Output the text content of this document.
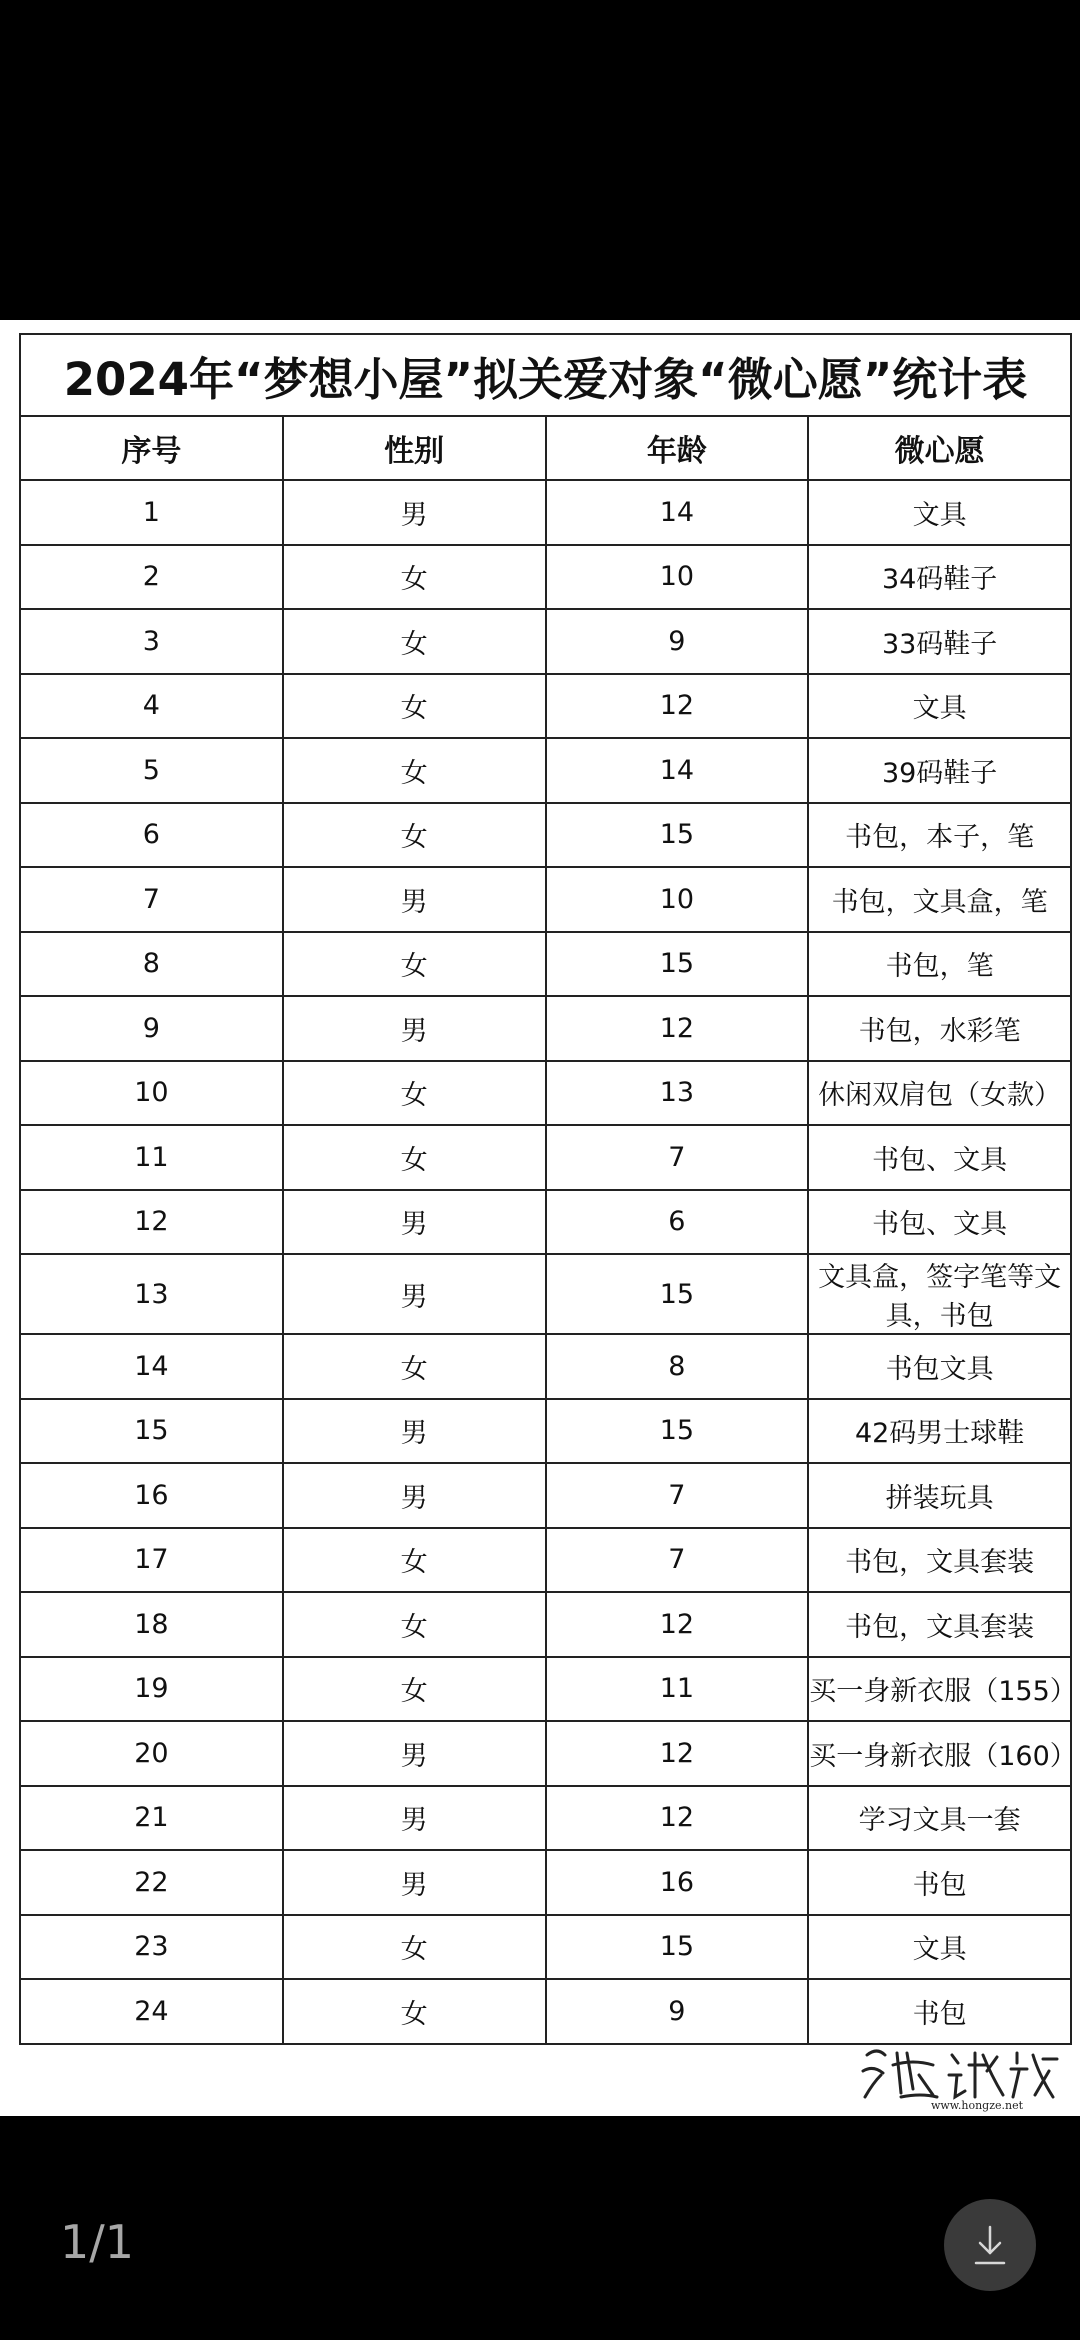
2024年“梦想小屋”拟关爱对象“微心愿”统计表			
序号	性别	年龄	微心愿
1	男	14	文具
2	女	10	34码鞋子
3	女	9	33码鞋子
4	女	12	文具
5	女	14	39码鞋子
6	女	15	书包，本子，笔
7	男	10	书包，文具盒，笔
8	女	15	书包，笔
9	男	12	书包，水彩笔
10	女	13	休闲双肩包（女款）
11	女	7	书包、文具
12	男	6	书包、文具
13	男	15	文具盒，签字笔等文具，书包
14	女	8	书包文具
15	男	15	42码男士球鞋
16	男	7	拼装玩具
17	女	7	书包，文具套装
18	女	12	书包，文具套装
19	女	11	买一身新衣服（155）
20	男	12	买一身新衣服（160）
21	男	12	学习文具一套
22	男	16	书包
23	女	15	文具
24	女	9	书包
www.hongze.net
1/1
